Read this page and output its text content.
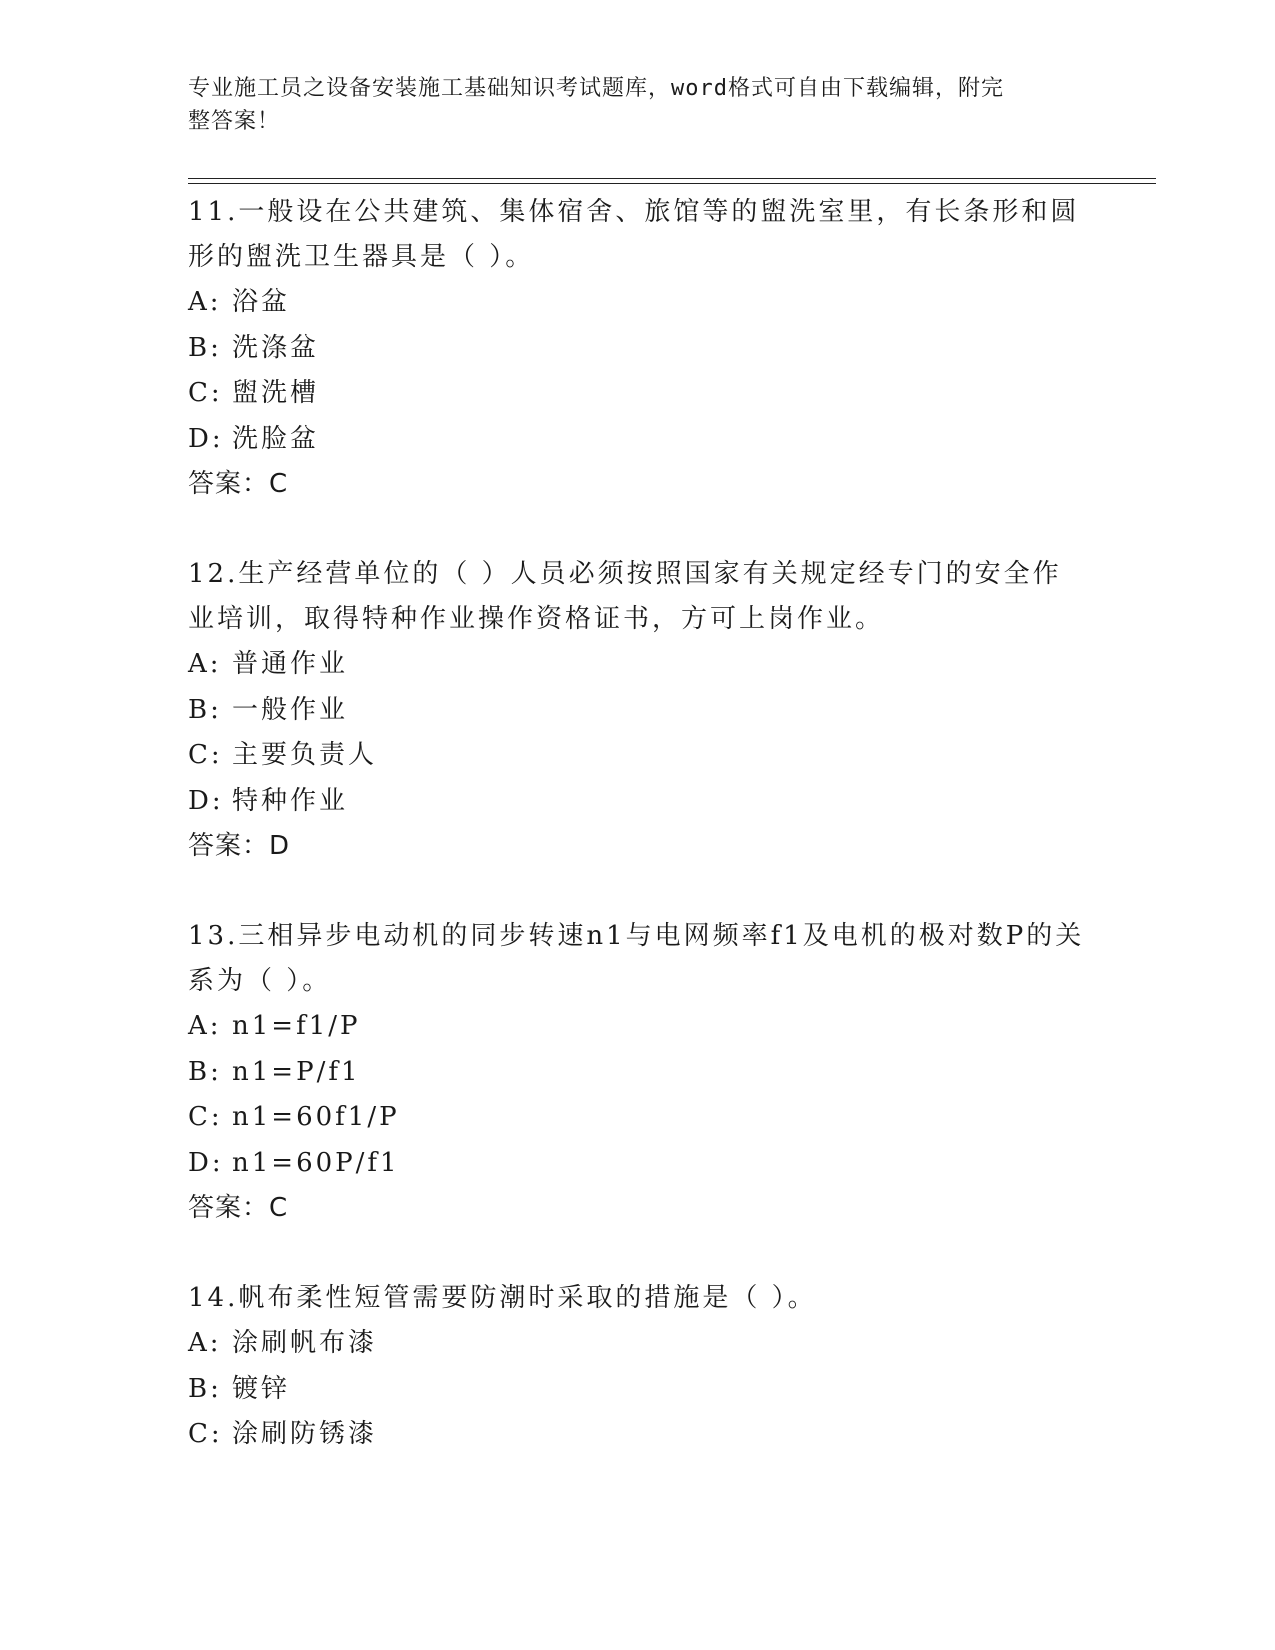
专业施工员之设备安装施工基础知识考试题库，word格式可自由下载编辑，附完
整答案！

11.一般设在公共建筑、集体宿舍、旅馆等的盥洗室里，有长条形和圆形的盥洗卫生器具是（ ）。

A: 浴盆

B: 洗涤盆

C: 盥洗槽

D: 洗脸盆

答案：C

12.生产经营单位的（ ）人员必须按照国家有关规定经专门的安全作业培训，取得特种作业操作资格证书，方可上岗作业。

A: 普通作业

B: 一般作业

C: 主要负责人

D: 特种作业

答案：D

13.三相异步电动机的同步转速n1与电网频率f1及电机的极对数P的关系为（ ）。

A: n1=f1/P

B: n1=P/f1

C: n1=60f1/P

D: n1=60P/f1

答案：C

14.帆布柔性短管需要防潮时采取的措施是（ ）。

A: 涂刷帆布漆

B: 镀锌

C: 涂刷防锈漆
